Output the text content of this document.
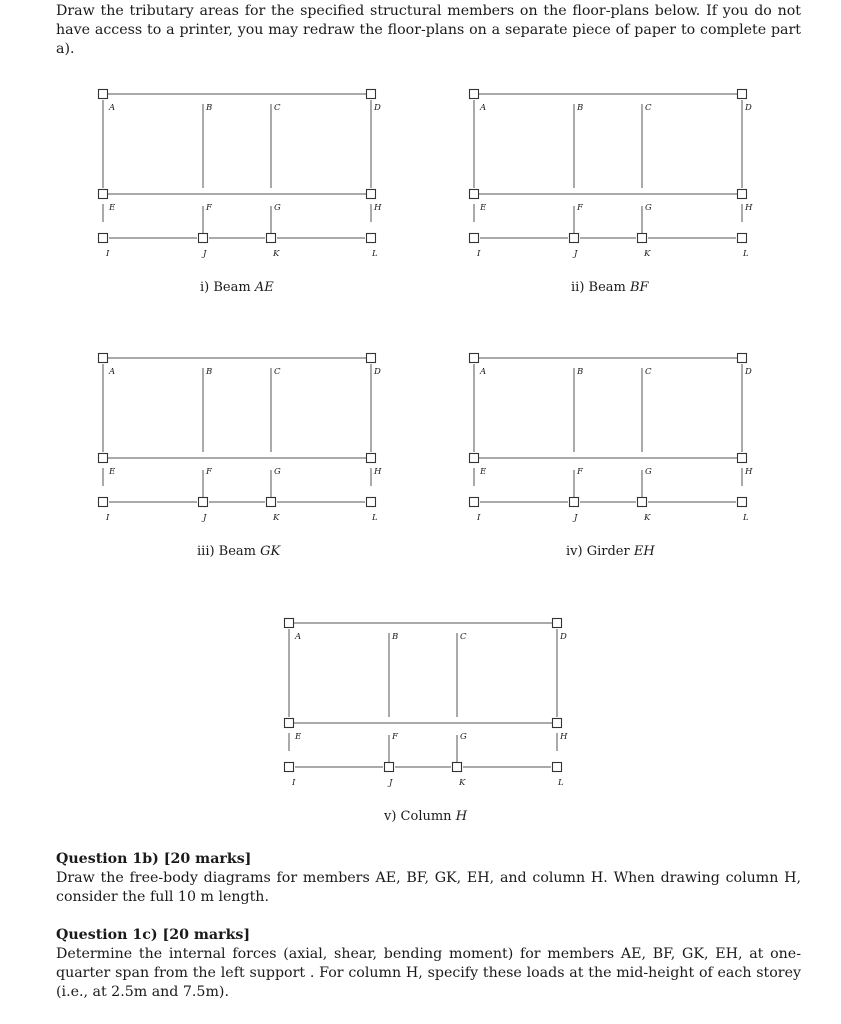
Draw the tributary areas for the specified structural members on the floor-plans below. If you do not have access to a printer, you may redraw the floor-plans on a separate piece of paper to complete part a).

A	B	C	D
E	F	G	H
I	J	K	L
A	B	C	D
E	F	G	H
I	J	K	L
A	B	C	D
E	F	G	H
I	J	K	L
A	B	C	D
E	F	G	H
I	J	K	L
A	B	C	D
E	F	G	H
I	J	K	L
i) Beam AE	ii) Beam BF
iii) Beam GK	iv) Girder EH
v) Column H
Question 1b) [20 marks]
Draw the free-body diagrams for members AE, BF, GK, EH, and column H. When drawing column H, consider the full 10 m length.
Question 1c) [20 marks]
Determine the internal forces (axial, shear, bending moment) for members AE, BF, GK, EH, at one-quarter span from the left support . For column H, specify these loads at the mid-height of each storey (i.e., at 2.5m and 7.5m).
